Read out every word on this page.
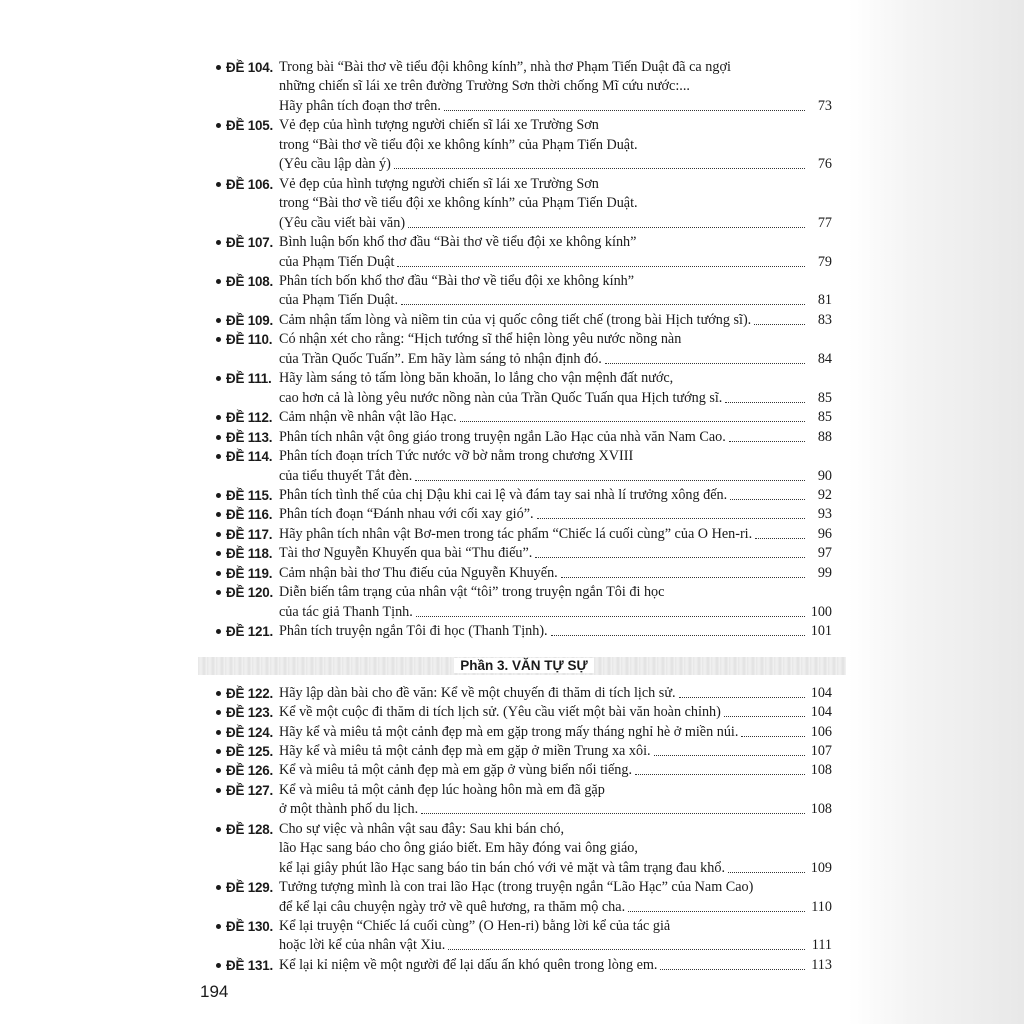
ĐỀ 104. Trong bài “Bài thơ về tiểu đội không kính”, nhà thơ Phạm Tiến Duật đã ca ngợi
những chiến sĩ lái xe trên đường Trường Sơn thời chống Mĩ cứu nước:...
Hãy phân tích đoạn thơ trên.	73
ĐỀ 105. Vẻ đẹp của hình tượng người chiến sĩ lái xe Trường Sơn
trong “Bài thơ về tiểu đội xe không kính” của Phạm Tiến Duật.
(Yêu cầu lập dàn ý)	76
ĐỀ 106. Vẻ đẹp của hình tượng người chiến sĩ lái xe Trường Sơn
trong “Bài thơ về tiểu đội xe không kính” của Phạm Tiến Duật.
(Yêu cầu viết bài văn)	77
ĐỀ 107. Bình luận bốn khổ thơ đầu “Bài thơ về tiểu đội xe không kính”
của Phạm Tiến Duật	79
ĐỀ 108. Phân tích bốn khổ thơ đầu “Bài thơ về tiểu đội xe không kính”
của Phạm Tiến Duật.	81
ĐỀ 109. Cảm nhận tấm lòng và niềm tin của vị quốc công tiết chế (trong bài Hịch tướng sĩ).	83
ĐỀ 110. Có nhận xét cho rằng: “Hịch tướng sĩ thể hiện lòng yêu nước nồng nàn
của Trần Quốc Tuấn”. Em hãy làm sáng tỏ nhận định đó.	84
ĐỀ 111. Hãy làm sáng tỏ tấm lòng băn khoăn, lo lắng cho vận mệnh đất nước,
cao hơn cả là lòng yêu nước nồng nàn của Trần Quốc Tuấn qua Hịch tướng sĩ.	85
ĐỀ 112. Cảm nhận về nhân vật lão Hạc.	85
ĐỀ 113. Phân tích nhân vật ông giáo trong truyện ngắn Lão Hạc của nhà văn Nam Cao.	88
ĐỀ 114. Phân tích đoạn trích Tức nước vỡ bờ nằm trong chương XVIII
của tiểu thuyết Tắt đèn.	90
ĐỀ 115. Phân tích tình thế của chị Dậu khi cai lệ và đám tay sai nhà lí trưởng xông đến.	92
ĐỀ 116. Phân tích đoạn “Đánh nhau với cối xay gió”.	93
ĐỀ 117. Hãy phân tích nhân vật Bơ-men trong tác phẩm “Chiếc lá cuối cùng” của O Hen-ri.	96
ĐỀ 118. Tài thơ Nguyễn Khuyến qua bài “Thu điếu”.	97
ĐỀ 119. Cảm nhận bài thơ Thu điếu của Nguyễn Khuyến.	99
ĐỀ 120. Diễn biến tâm trạng của nhân vật “tôi” trong truyện ngắn Tôi đi học
của tác giả Thanh Tịnh.	100
ĐỀ 121. Phân tích truyện ngắn Tôi đi học (Thanh Tịnh).	101
Phần 3. VĂN TỰ SỰ
ĐỀ 122. Hãy lập dàn bài cho đề văn: Kể về một chuyến đi thăm di tích lịch sử.	104
ĐỀ 123. Kể về một cuộc đi thăm di tích lịch sử. (Yêu cầu viết một bài văn hoàn chỉnh)	104
ĐỀ 124. Hãy kể và miêu tả một cảnh đẹp mà em gặp trong mấy tháng nghỉ hè ở miền núi.	106
ĐỀ 125. Hãy kể và miêu tả một cảnh đẹp mà em gặp ở miền Trung xa xôi.	107
ĐỀ 126. Kể và miêu tả một cảnh đẹp mà em gặp ở vùng biển nổi tiếng.	108
ĐỀ 127. Kể và miêu tả một cảnh đẹp lúc hoàng hôn mà em đã gặp
ở một thành phố du lịch.	108
ĐỀ 128. Cho sự việc và nhân vật sau đây: Sau khi bán chó,
lão Hạc sang báo cho ông giáo biết. Em hãy đóng vai ông giáo,
kể lại giây phút lão Hạc sang báo tin bán chó với vẻ mặt và tâm trạng đau khổ.	109
ĐỀ 129. Tưởng tượng mình là con trai lão Hạc (trong truyện ngắn “Lão Hạc” của Nam Cao)
để kể lại câu chuyện ngày trở về quê hương, ra thăm mộ cha.	110
ĐỀ 130. Kể lại truyện “Chiếc lá cuối cùng” (O Hen-ri) bằng lời kể của tác giả
hoặc lời kể của nhân vật Xiu.	111
ĐỀ 131. Kể lại kỉ niệm về một người để lại dấu ấn khó quên trong lòng em.	113
194
